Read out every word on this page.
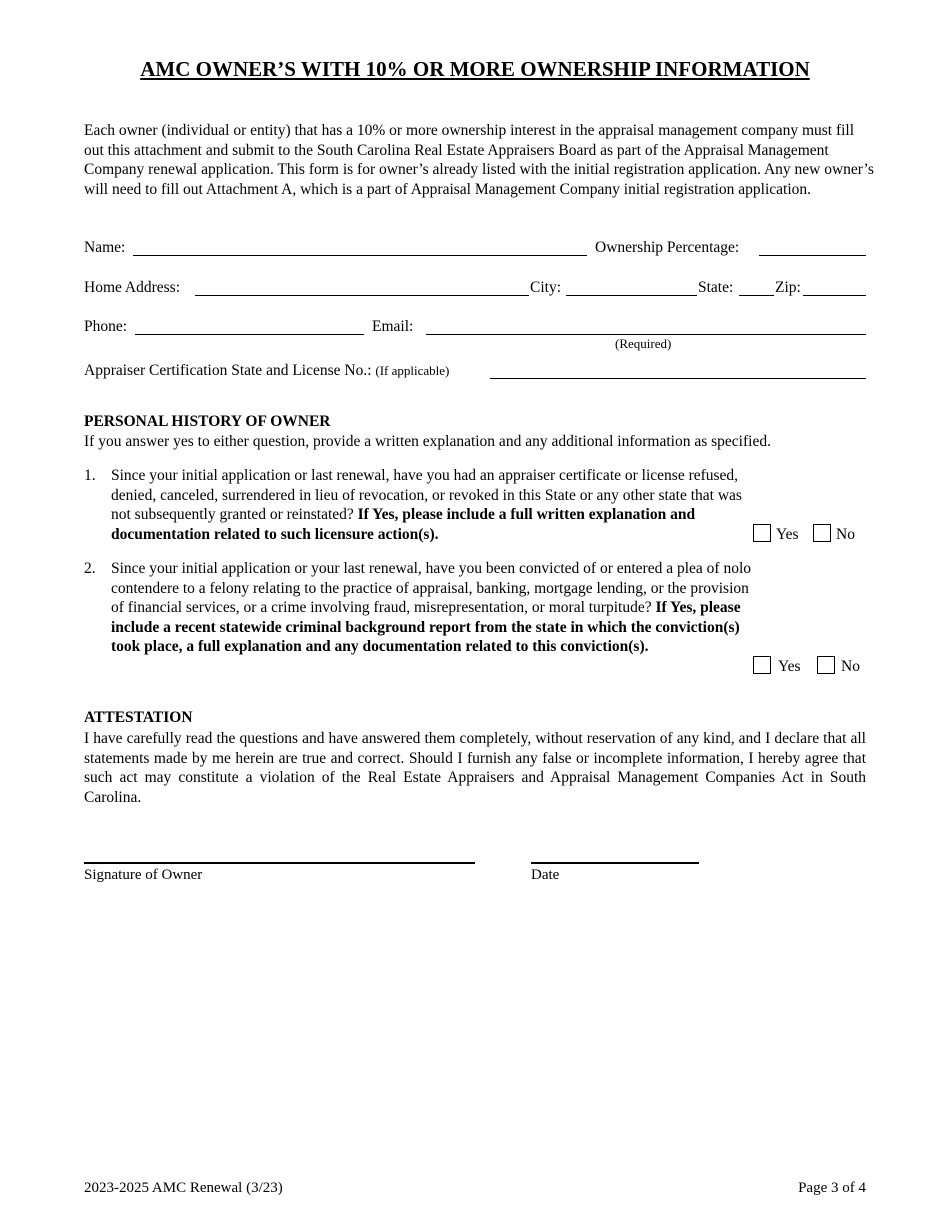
AMC OWNER’S WITH 10% OR MORE OWNERSHIP INFORMATION
Each owner (individual or entity) that has a 10% or more ownership interest in the appraisal management company must fill out this attachment and submit to the South Carolina Real Estate Appraisers Board as part of the Appraisal Management Company renewal application. This form is for owner’s already listed with the initial registration application. Any new owner’s will need to fill out Attachment A, which is a part of Appraisal Management Company initial registration application.
Name:	Ownership Percentage:
Home Address:	City:	State:	Zip:
Phone:	Email:
(Required)
Appraiser Certification State and License No.: (If applicable)
PERSONAL HISTORY OF OWNER
If you answer yes to either question, provide a written explanation and any additional information as specified.
1. Since your initial application or last renewal, have you had an appraiser certificate or license refused, denied, canceled, surrendered in lieu of revocation, or revoked in this State or any other state that was not subsequently granted or reinstated? If Yes, please include a full written explanation and documentation related to such licensure action(s).	Yes No
2. Since your initial application or your last renewal, have you been convicted of or entered a plea of nolo contendere to a felony relating to the practice of appraisal, banking, mortgage lending, or the provision of financial services, or a crime involving fraud, misrepresentation, or moral turpitude? If Yes, please include a recent statewide criminal background report from the state in which the conviction(s) took place, a full explanation and any documentation related to this conviction(s).
Yes	No
ATTESTATION
I have carefully read the questions and have answered them completely, without reservation of any kind, and I declare that all statements made by me herein are true and correct. Should I furnish any false or incomplete information, I hereby agree that such act may constitute a violation of the Real Estate Appraisers and Appraisal Management Companies Act in South Carolina.
Signature of Owner	Date
2023-2025 AMC Renewal (3/23)	Page 3 of 4
